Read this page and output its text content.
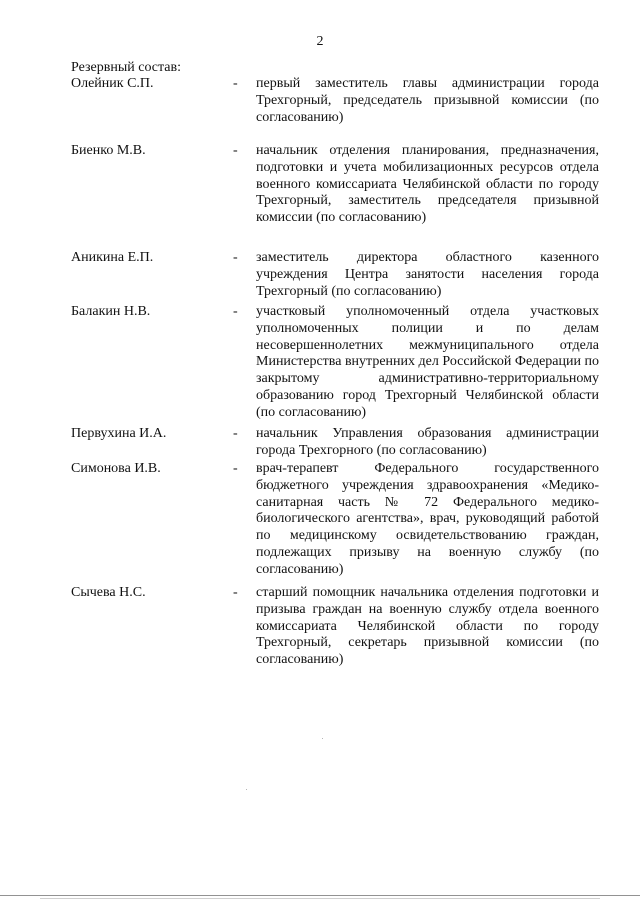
2
Резервный состав:
Олейник С.П.	- первый заместитель главы администрации города Трехгорный, председатель призывной комиссии (по согласованию)
Биенко М.В.	- начальник отделения планирования, предназначения, подготовки и учета мобилизационных ресурсов отдела военного комиссариата Челябинской области по городу Трехгорный, заместитель председателя призывной комиссии (по согласованию)
Аникина Е.П.	- заместитель директора областного казенного учреждения Центра занятости населения города Трехгорный (по согласованию)
Балакин Н.В.	- участковый уполномоченный отдела участковых уполномоченных полиции и по делам несовершеннолетних межмуниципального отдела Министерства внутренних дел Российской Федерации по закрытому административно-территориальному образованию город Трехгорный Челябинской области (по согласованию)
Первухина И.А.	- начальник Управления образования администрации города Трехгорного (по согласованию)
Симонова И.В.	- врач-терапевт Федерального государственного бюджетного учреждения здравоохранения «Медико-санитарная часть № 72 Федерального медико-биологического агентства», врач, руководящий работой по медицинскому освидетельствованию граждан, подлежащих призыву на военную службу (по согласованию)
Сычева Н.С.	- старший помощник начальника отделения подготовки и призыва граждан на военную службу отдела военного комиссариата Челябинской области по городу Трехгорный, секретарь призывной комиссии (по согласованию)
